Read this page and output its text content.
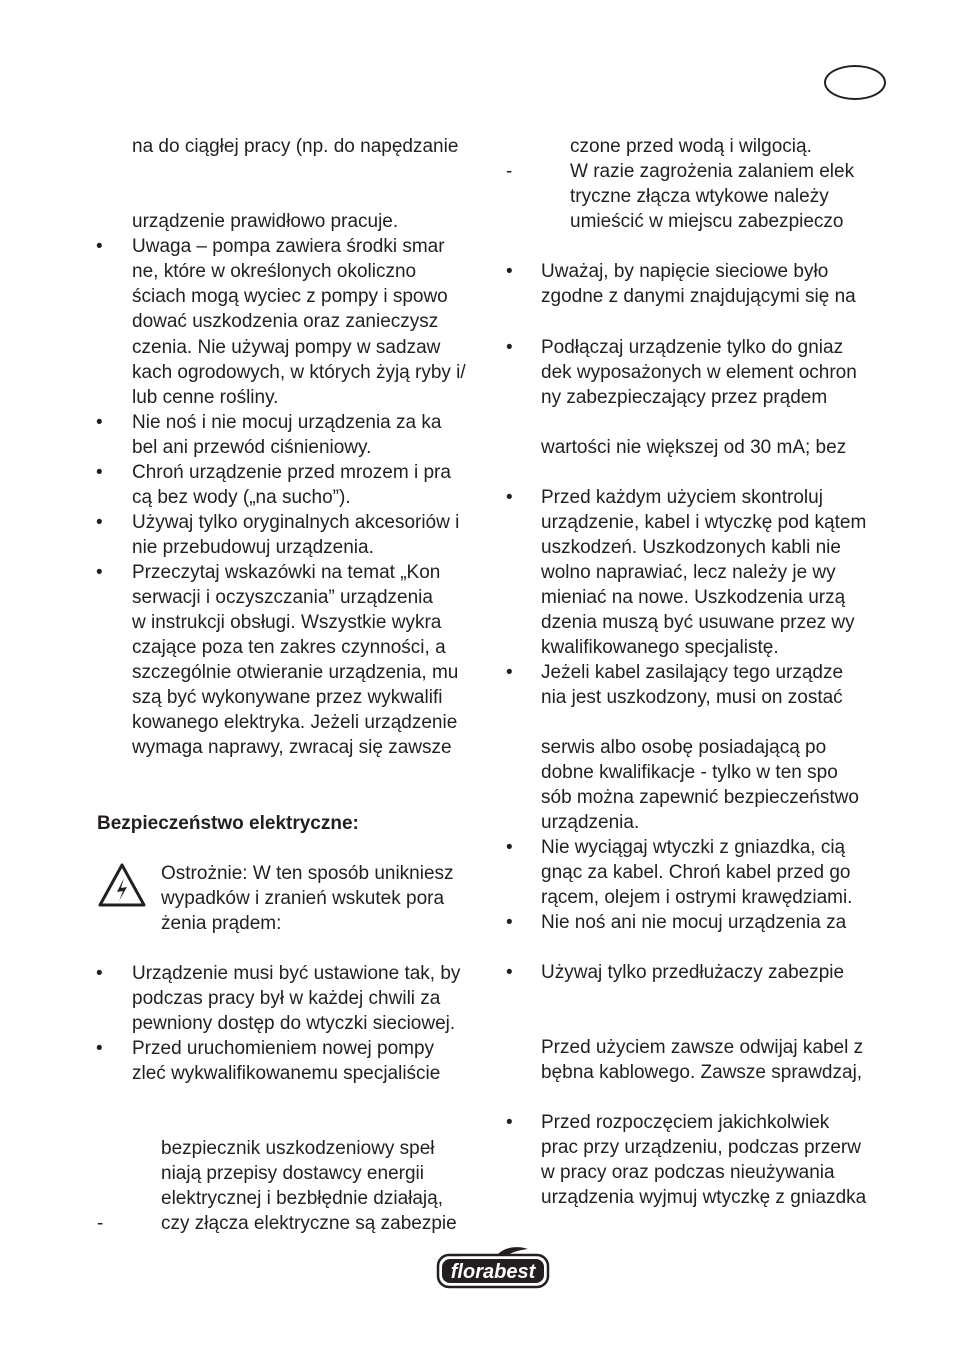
na do ciągłej pracy (np. do napędzanie
urządzenie prawidłowo pracuje.
• Uwaga – pompa zawiera środki smar
ne, które w określonych okoliczno
ściach mogą wyciec z pompy i spowo
dować uszkodzenia oraz zanieczysz
czenia. Nie używaj pompy w sadzaw
kach ogrodowych, w których żyją ryby i/
lub cenne rośliny.
• Nie noś i nie mocuj urządzenia za ka
bel ani przewód ciśnieniowy.
• Chroń urządzenie przed mrozem i pra
cą bez wody („na sucho”).
• Używaj tylko oryginalnych akcesoriów i
nie przebudowuj urządzenia.
• Przeczytaj wskazówki na temat „Kon
serwacji i oczyszczania” urządzenia
w instrukcji obsługi. Wszystkie wykra
czające poza ten zakres czynności, a
szczególnie otwieranie urządzenia, mu
szą być wykonywane przez wykwalifi
kowanego elektryka. Jeżeli urządzenie
wymaga naprawy, zwracaj się zawsze
Bezpieczeństwo elektryczne:
Ostrożnie: W ten sposób unikniesz
wypadków i zranień wskutek pora
żenia prądem:
• Urządzenie musi być ustawione tak, by
podczas pracy był w każdej chwili za
pewniony dostęp do wtyczki sieciowej.
• Przed uruchomieniem nowej pompy
zleć wykwalifikowanemu specjaliście
bezpiecznik uszkodzeniowy speł
niają przepisy dostawcy energii
elektrycznej i bezbłędnie działają,
-	czy złącza elektryczne są zabezpie
czone przed wodą i wilgocią.
-	W razie zagrożenia zalaniem elek
tryczne złącza wtykowe należy
umieścić w miejscu zabezpieczo
• Uważaj, by napięcie sieciowe było
zgodne z danymi znajdującymi się na
• Podłączaj urządzenie tylko do gniaz
dek wyposażonych w element ochron
ny zabezpieczający przez prądem
wartości nie większej od 30 mA; bez
• Przed każdym użyciem skontroluj
urządzenie, kabel i wtyczkę pod kątem
uszkodzeń. Uszkodzonych kabli nie
wolno naprawiać, lecz należy je wy
mieniać na nowe. Uszkodzenia urzą
dzenia muszą być usuwane przez wy
kwalifikowanego specjalistę.
• Jeżeli kabel zasilający tego urządze
nia jest uszkodzony, musi on zostać
serwis albo osobę posiadającą po
dobne kwalifikacje - tylko w ten spo
sób można zapewnić bezpieczeństwo
urządzenia.
• Nie wyciągaj wtyczki z gniazdka, cią
gnąc za kabel. Chroń kabel przed go
rącem, olejem i ostrymi krawędziami.
• Nie noś ani nie mocuj urządzenia za
• Używaj tylko przedłużaczy zabezpie
Przed użyciem zawsze odwijaj kabel z
bębna kablowego. Zawsze sprawdzaj,
• Przed rozpoczęciem jakichkolwiek
prac przy urządzeniu, podczas przerw
w pracy oraz podczas nieużywania
urządzenia wyjmuj wtyczkę z gniazdka
florabest
